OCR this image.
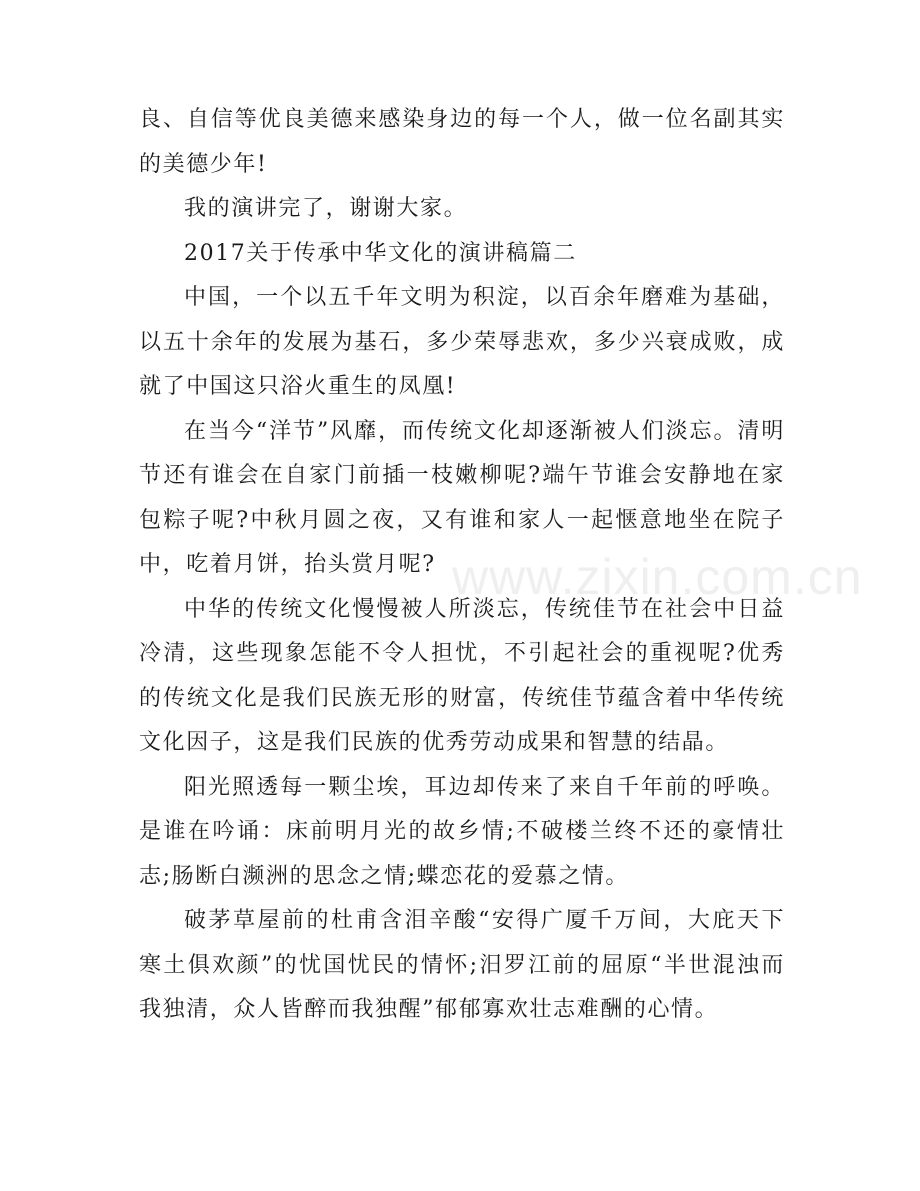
良、自信等优良美德来感染身边的每一个人，做一位名副其实的美德少年!

我的演讲完了，谢谢大家。

2017关于传承中华文化的演讲稿篇二

中国，一个以五千年文明为积淀，以百余年磨难为基础，以五十余年的发展为基石，多少荣辱悲欢，多少兴衰成败，成就了中国这只浴火重生的凤凰!

在当今“洋节”风靡，而传统文化却逐渐被人们淡忘。清明节还有谁会在自家门前插一枝嫩柳呢?端午节谁会安静地在家包粽子呢?中秋月圆之夜，又有谁和家人一起惬意地坐在院子中，吃着月饼，抬头赏月呢?

中华的传统文化慢慢被人所淡忘，传统佳节在社会中日益冷清，这些现象怎能不令人担忧，不引起社会的重视呢?优秀的传统文化是我们民族无形的财富，传统佳节蕴含着中华传统文化因子，这是我们民族的优秀劳动成果和智慧的结晶。

阳光照透每一颗尘埃，耳边却传来了来自千年前的呼唤。是谁在吟诵：床前明月光的故乡情;不破楼兰终不还的豪情壮志;肠断白濒洲的思念之情;蝶恋花的爱慕之情。

破茅草屋前的杜甫含泪辛酸“安得广厦千万间，大庇天下寒土俱欢颜”的忧国忧民的情怀;汨罗江前的屈原“半世混浊而我独清，众人皆醉而我独醒”郁郁寡欢壮志难酬的心情。

www.zixin.com.cn
